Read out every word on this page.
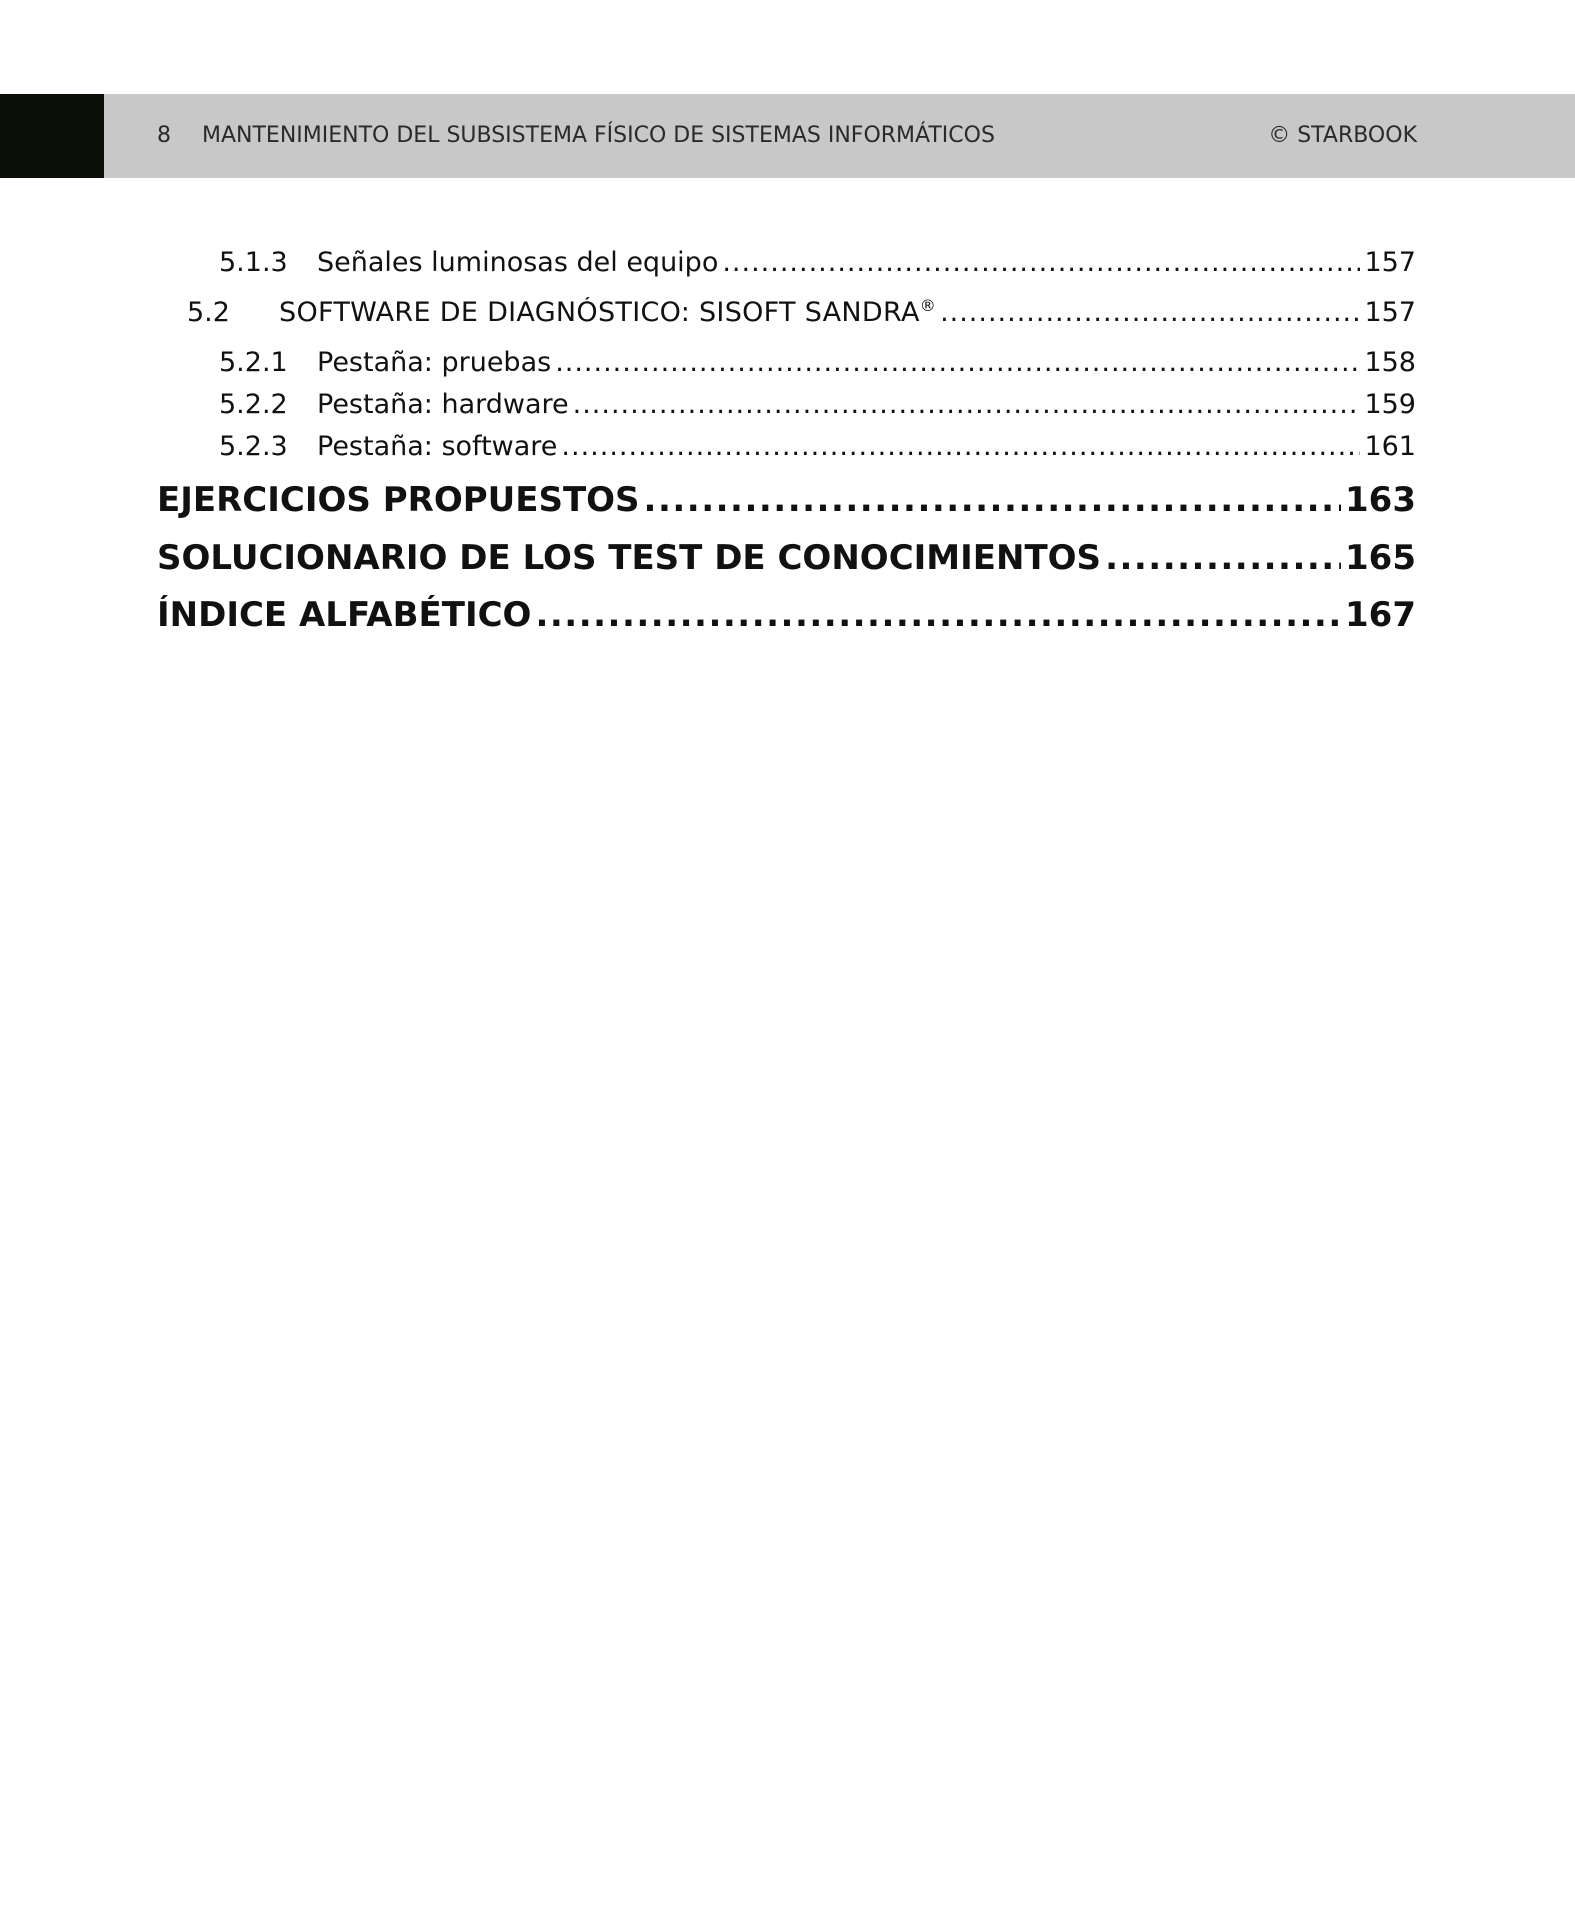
8 MANTENIMIENTO DEL SUBSISTEMA FÍSICO DE SISTEMAS INFORMÁTICOS	© STARBOOK
5.1.3	Señales luminosas del equipo .....	157
5.2	SOFTWARE DE DIAGNÓSTICO: SISOFT SANDRA® .....	157
5.2.1	Pestaña: pruebas .....	158
5.2.2	Pestaña: hardware .....	159
5.2.3	Pestaña: software .....	161
EJERCICIOS PROPUESTOS .....	163
SOLUCIONARIO DE LOS TEST DE CONOCIMIENTOS .....	165
ÍNDICE ALFABÉTICO .....	167
